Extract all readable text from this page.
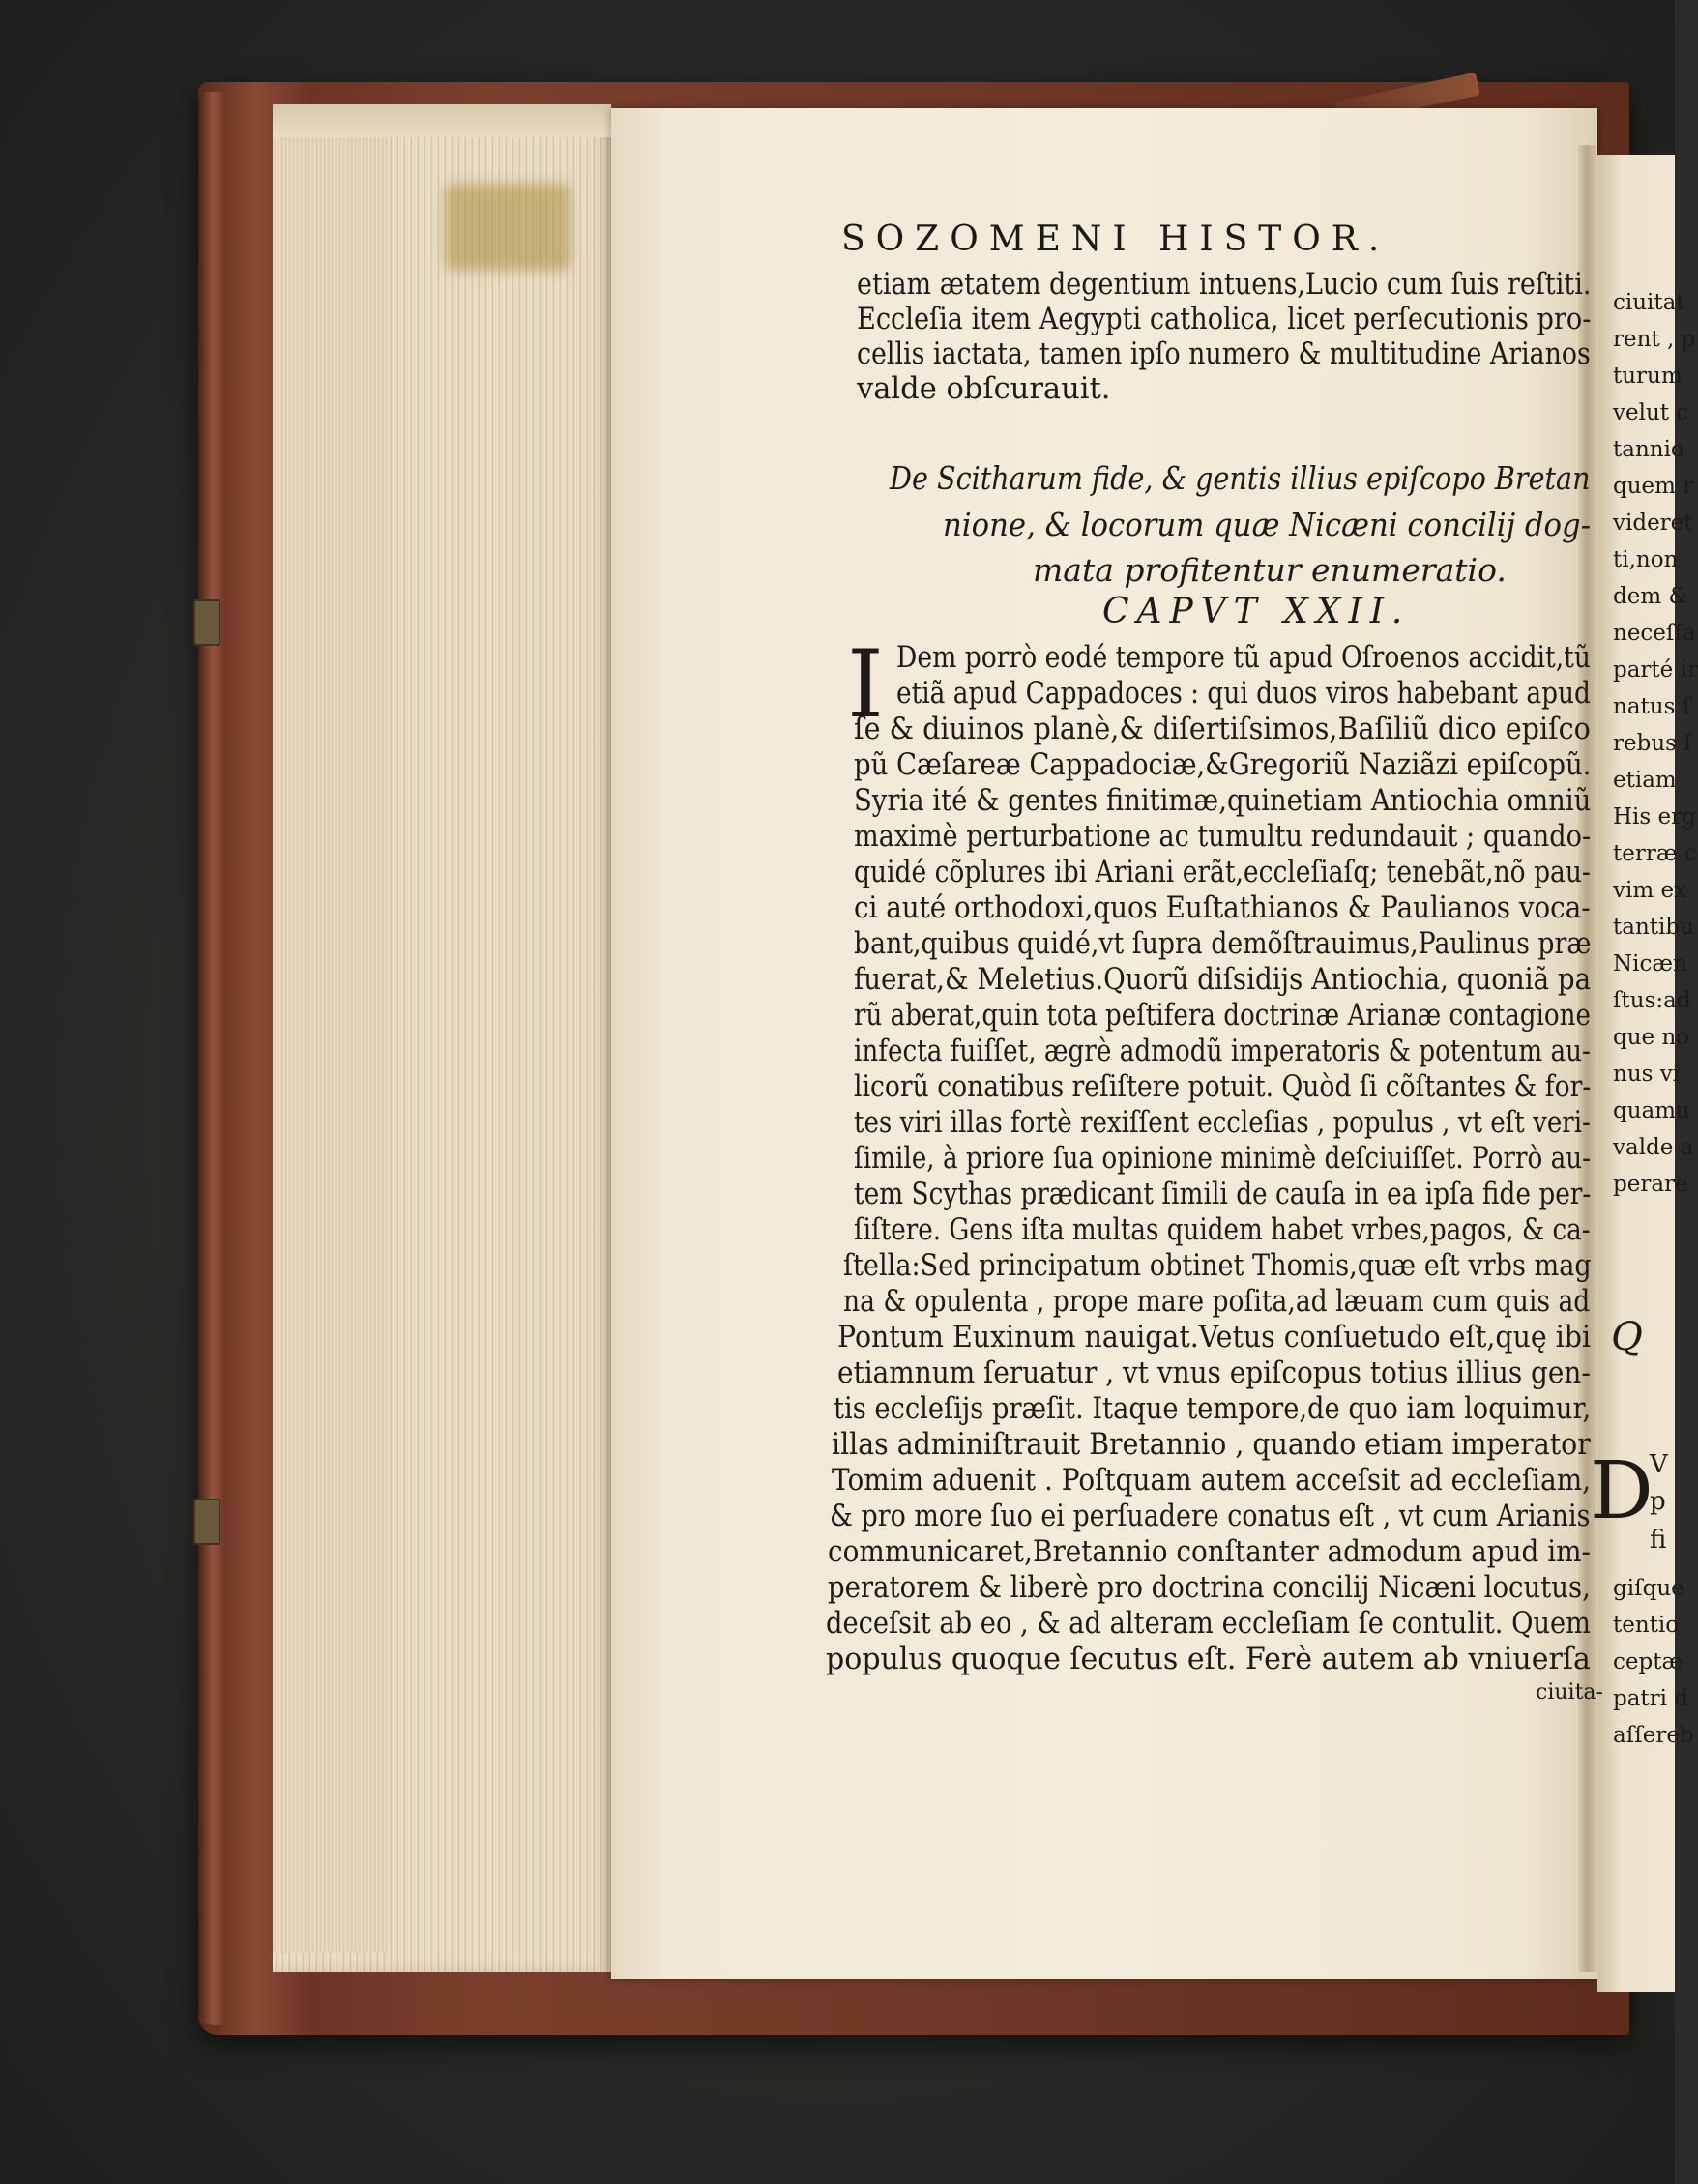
SOZOMENI HISTOR.
etiam ætatem degentium intuens,Lucio cum ſuis reſtiti.
Eccleſia item Aegypti catholica, licet perſecutionis pro-
cellis iactata, tamen ipſo numero & multitudine Arianos
valde obſcurauit.
De Scitharum fide, & gentis illius epiſcopo Bretan
nione, & locorum quæ Nicæni concilij dog-
mata profitentur enumeratio.
CAPVT XXII.
I Dem porrò eodé tempore tũ apud Oſroenos accidit,tũ
etiã apud Cappadoces : qui duos viros habebant apud
ſe & diuinos planè,& diſertiſsimos,Baſiliũ dico epiſco
pũ Cæſareæ Cappadociæ,&Gregoriũ Naziãzi epiſcopũ.
Syria ité & gentes finitimæ,quinetiam Antiochia omniũ
maximè perturbatione ac tumultu redundauit ; quando-
quidé cõplures ibi Ariani erãt,eccleſiaſq; tenebãt,nõ pau-
ci auté orthodoxi,quos Euſtathianos & Paulianos voca-
bant,quibus quidé,vt ſupra demõſtrauimus,Paulinus præ
fuerat,& Meletius.Quorũ diſsidijs Antiochia, quoniã pa
rũ aberat,quin tota peſtifera doctrinæ Arianæ contagione
infecta fuiſſet, ægrè admodũ imperatoris & potentum au-
licorũ conatibus reſiſtere potuit. Quòd ſi cõſtantes & for-
tes viri illas fortè rexiſſent eccleſias , populus , vt eſt veri-
ſimile, à priore ſua opinione minimè deſciuiſſet. Porrò au-
tem Scythas prædicant ſimili de cauſa in ea ipſa fide per-
ſiſtere. Gens iſta multas quidem habet vrbes,pagos, & ca-
ſtella:Sed principatum obtinet Thomis,quæ eſt vrbs mag
na & opulenta , prope mare poſita,ad læuam cum quis ad
Pontum Euxinum nauigat.Vetus conſuetudo eſt,quę ibi
etiamnum ſeruatur , vt vnus epiſcopus totius illius gen-
tis eccleſijs præſit. Itaque tempore,de quo iam loquimur,
illas adminiſtrauit Bretannio , quando etiam imperator
Tomim aduenit . Poſtquam autem acceſsit ad eccleſiam,
& pro more ſuo ei perſuadere conatus eſt , vt cum Arianis
communicaret,Bretannio conſtanter admodum apud im-
peratorem & liberè pro doctrina concilij Nicæni locutus,
deceſsit ab eo , & ad alteram eccleſiam ſe contulit. Quem
populus quoque ſecutus eſt. Ferè autem ab vniuerſa
ciuita-
ciuitat
rent , p
turum
velut c
tannio
quem r
videret
ti,non
dem &
neceſſa
parté ir
natus ſ
rebus ſ
etiam
His erg
terræ c
vim ex
tantibu
Nicæn
ſtus:ad
que no
nus vi
quamu
valde a
perare
Q
D
V
p
fi
giſque
tentio
ceptæ
patri d
aſſereb
